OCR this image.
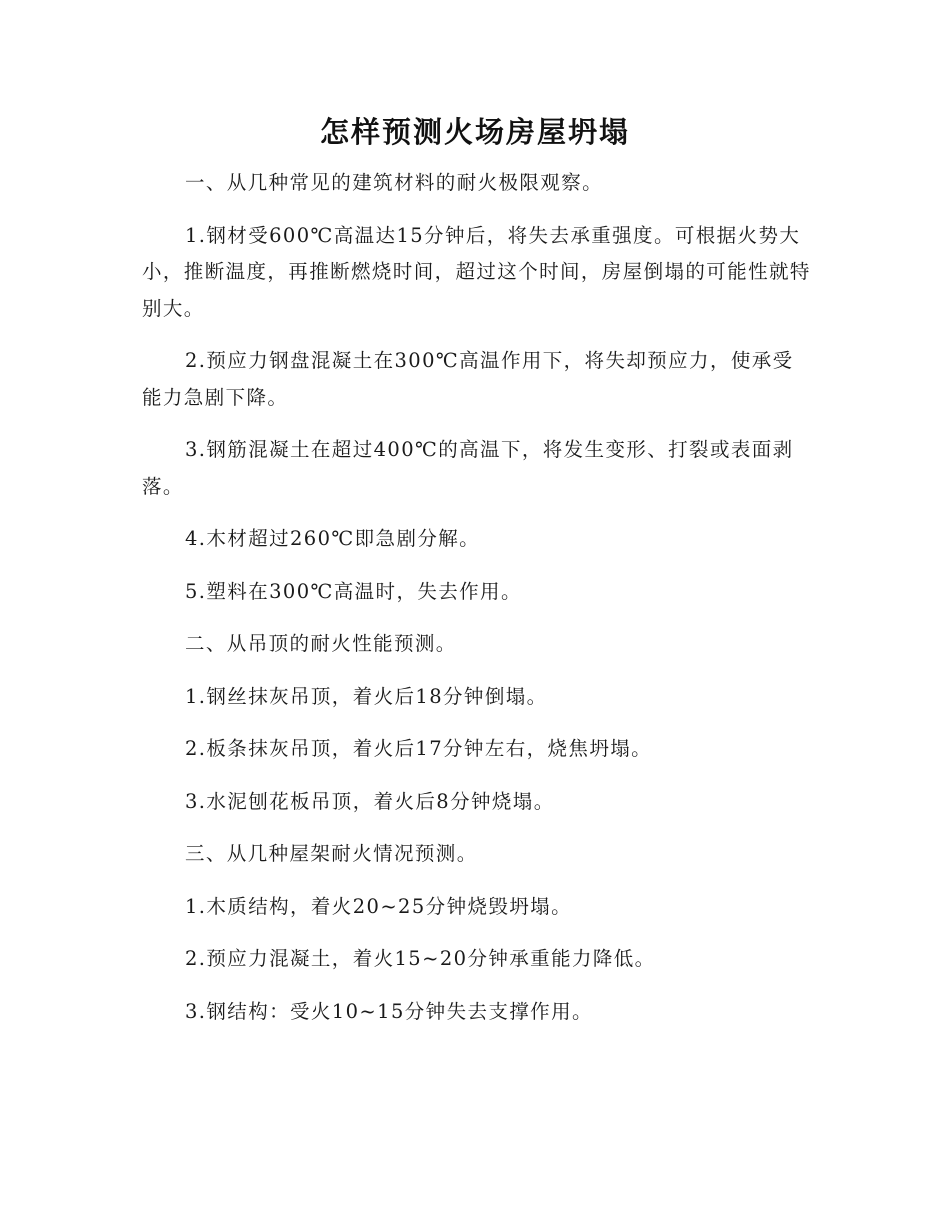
怎样预测火场房屋坍塌

一、从几种常见的建筑材料的耐火极限观察。

1.钢材受600℃高温达15分钟后，将失去承重强度。可根据火势大小，推断温度，再推断燃烧时间，超过这个时间，房屋倒塌的可能性就特别大。

2.预应力钢盘混凝土在300℃高温作用下，将失却预应力，使承受能力急剧下降。

3.钢筋混凝土在超过400℃的高温下，将发生变形、打裂或表面剥落。

4.木材超过260℃即急剧分解。

5.塑料在300℃高温时，失去作用。

二、从吊顶的耐火性能预测。

1.钢丝抹灰吊顶，着火后18分钟倒塌。

2.板条抹灰吊顶，着火后17分钟左右，烧焦坍塌。

3.水泥刨花板吊顶，着火后8分钟烧塌。

三、从几种屋架耐火情况预测。

1.木质结构，着火20~25分钟烧毁坍塌。

2.预应力混凝土，着火15~20分钟承重能力降低。

3.钢结构：受火10~15分钟失去支撑作用。
